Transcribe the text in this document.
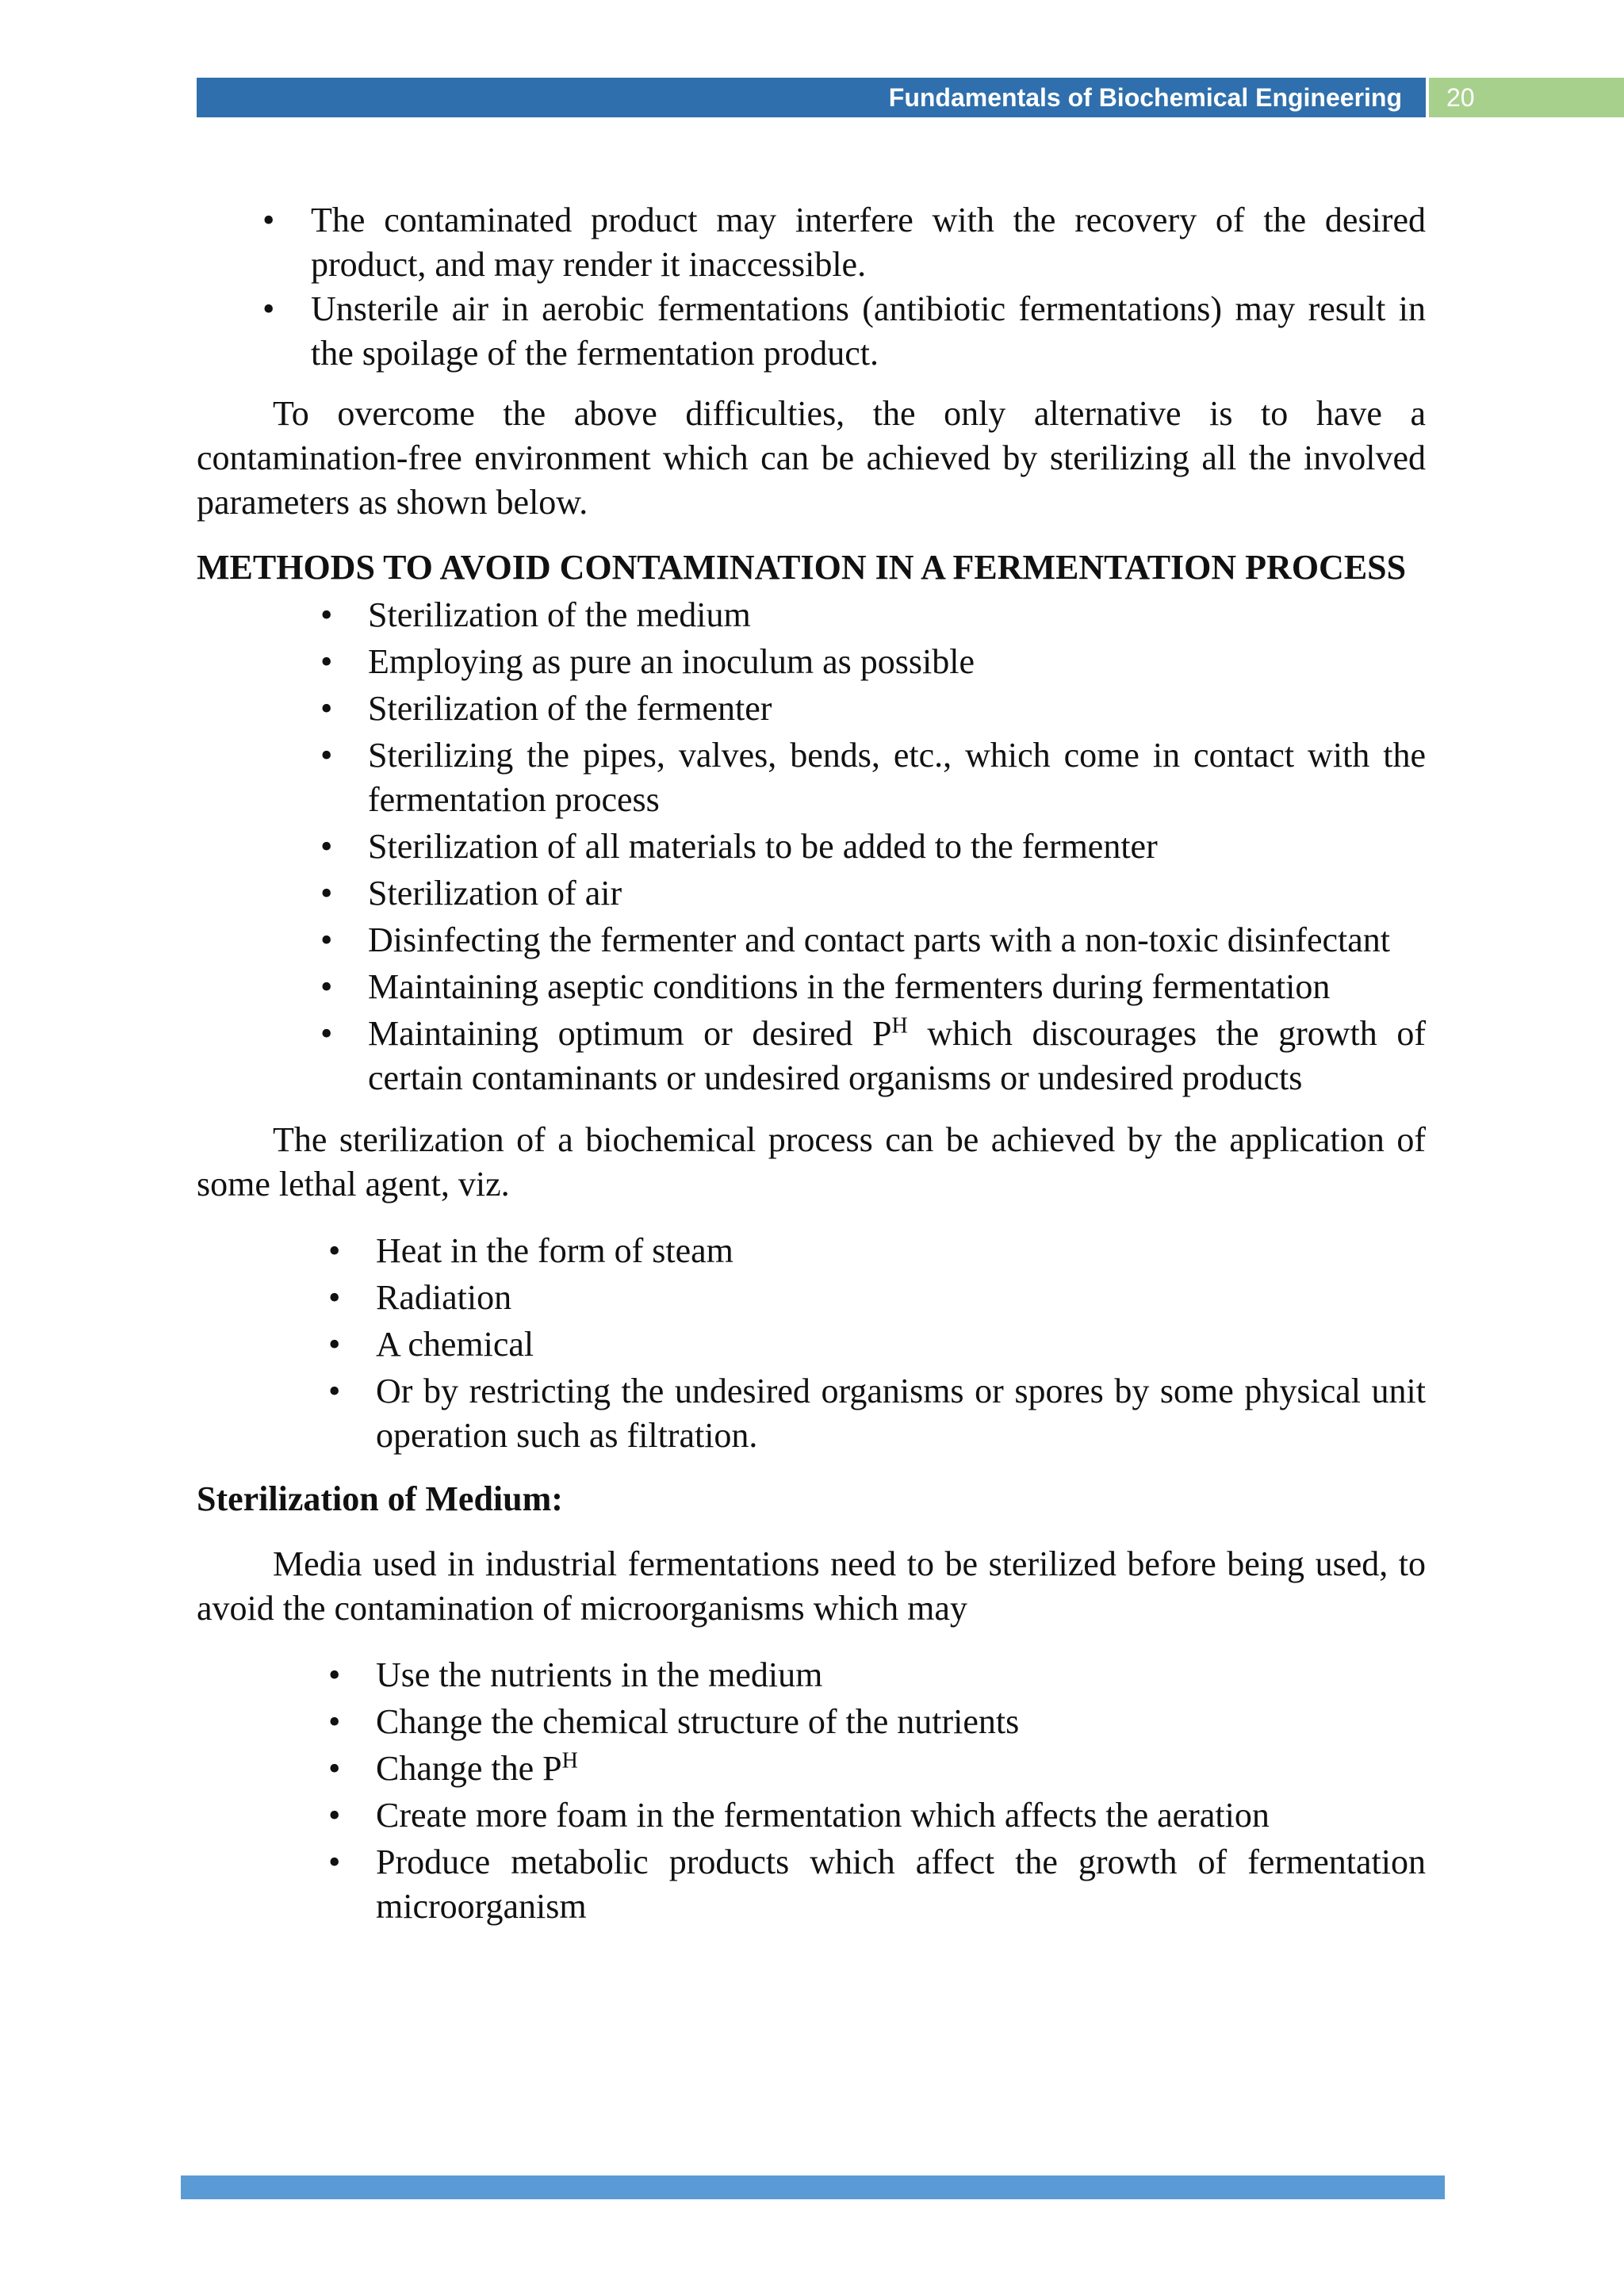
Fundamentals of Biochemical Engineering 20
• The contaminated product may interfere with the recovery of the desired product, and may render it inaccessible.
• Unsterile air in aerobic fermentations (antibiotic fermentations) may result in the spoilage of the fermentation product.

To overcome the above difficulties, the only alternative is to have a contamination-free environment which can be achieved by sterilizing all the involved parameters as shown below.

METHODS TO AVOID CONTAMINATION IN A FERMENTATION PROCESS
• Sterilization of the medium
• Employing as pure an inoculum as possible
• Sterilization of the fermenter
• Sterilizing the pipes, valves, bends, etc., which come in contact with the fermentation process
• Sterilization of all materials to be added to the fermenter
• Sterilization of air
• Disinfecting the fermenter and contact parts with a non-toxic disinfectant
• Maintaining aseptic conditions in the fermenters during fermentation
• Maintaining optimum or desired $P^H$ which discourages the growth of certain contaminants or undesired organisms or undesired products

The sterilization of a biochemical process can be achieved by the application of some lethal agent, viz.

• Heat in the form of steam
• Radiation
• A chemical
• Or by restricting the undesired organisms or spores by some physical unit operation such as filtration.
Sterilization of Medium:

Media used in industrial fermentations need to be sterilized before being used, to avoid the contamination of microorganisms which may

• Use the nutrients in the medium
• Change the chemical structure of the nutrients
• Change the $P^H$
• Create more foam in the fermentation which affects the aeration
• Produce metabolic products which affect the growth of fermentation microorganism
